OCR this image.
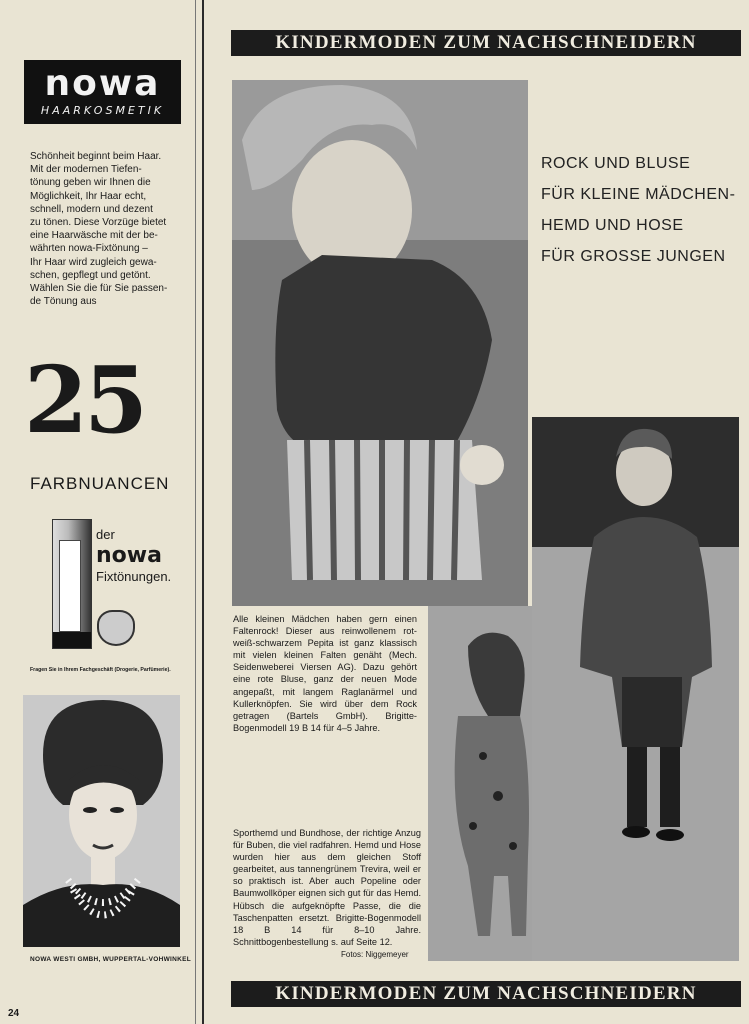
nowa
HAARKOSMETIK
Schönheit beginnt beim Haar.
Mit der modernen Tiefen-
tönung geben wir Ihnen die
Möglichkeit, Ihr Haar echt,
schnell, modern und dezent
zu tönen. Diese Vorzüge bietet
eine Haarwäsche mit der be-
währten nowa-Fixtönung –
Ihr Haar wird zugleich gewa-
schen, gepflegt und getönt.
Wählen Sie die für Sie passen-
de Tönung aus
25
FARBNUANCEN
der
nowa
Fixtönungen.
Fragen Sie in Ihrem Fachgeschäft (Drogerie, Parfümerie).
NOWA WESTI GMBH, WUPPERTAL-VOHWINKEL
24
KINDERMODEN ZUM NACHSCHNEIDERN
ROCK UND BLUSE
FÜR KLEINE MÄDCHEN-
HEMD UND HOSE
FÜR GROSSE JUNGEN
Alle kleinen Mädchen haben gern einen Faltenrock! Dieser aus reinwollenem rot-weiß-schwarzem Pepita ist ganz klassisch mit vielen kleinen Falten genäht (Mech. Seidenweberei Viersen AG). Dazu gehört eine rote Bluse, ganz der neuen Mode angepaßt, mit langem Raglanärmel und Kullerknöpfen. Sie wird über dem Rock getragen (Bartels GmbH). Brigitte-Bogenmodell 19 B 14 für 4–5 Jahre.
Sporthemd und Bundhose, der richtige Anzug für Buben, die viel radfahren. Hemd und Hose wurden hier aus dem gleichen Stoff gearbeitet, aus tannengrünem Trevira, weil er so praktisch ist. Aber auch Popeline oder Baumwollköper eignen sich gut für das Hemd. Hübsch die aufgeknöpfte Passe, die die Taschenpatten ersetzt. Brigitte-Bogenmodell 18 B 14 für 8–10 Jahre. Schnittbogenbestellung s. auf Seite 12.
Fotos: Niggemeyer
KINDERMODEN ZUM NACHSCHNEIDERN
